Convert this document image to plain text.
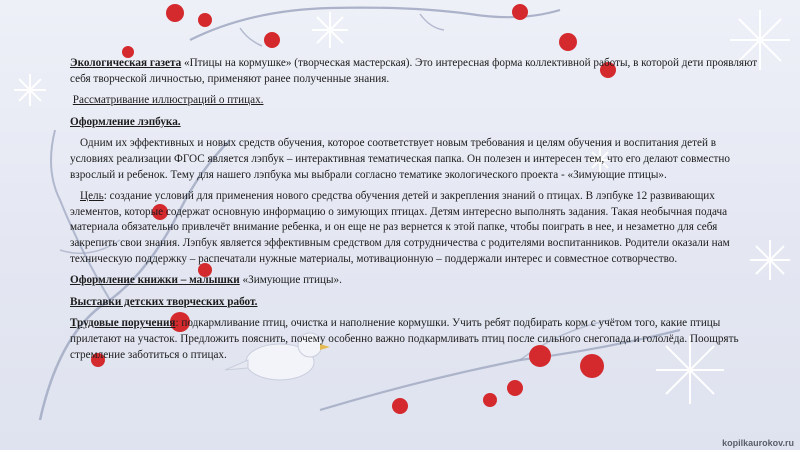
Экологическая газета «Птицы на кормушке» (творческая мастерская). Это интересная форма коллективной работы, в которой дети проявляют себя творческой личностью, применяют ранее полученные знания.

Рассматривание иллюстраций о птицах.

Оформление лэпбука.

Одним их эффективных и новых средств обучения, которое соответствует новым требования и целям обучения и воспитания детей в условиях реализации ФГОС является лэпбук – интерактивная тематическая папка. Он полезен и интересен тем, что его делают совместно взрослый и ребенок. Тему для нашего лэпбука мы выбрали согласно тематике экологического проекта - «Зимующие птицы».

Цель: создание условий для применения нового средства обучения детей и закрепления знаний о птицах. В лэпбуке 12 развивающих элементов, которые содержат основную информацию о зимующих птицах. Детям интересно выполнять задания. Такая необычная подача материала обязательно привлечёт внимание ребенка, и он еще не раз вернется к этой папке, чтобы поиграть в нее, и незаметно для себя закрепить свои знания. Лэпбук является эффективным средством для сотрудничества с родителями воспитанников. Родители оказали нам техническую поддержку – распечатали нужные материалы, мотивационную – поддержали интерес и совместное сотворчество.

Оформление книжки – малышки «Зимующие птицы».

Выставки детских творческих работ.

Трудовые поручения: подкармливание птиц, очистка и наполнение кормушки. Учить ребят подбирать корм с учётом того, какие птицы прилетают на участок. Предложить пояснить, почему особенно важно подкармливать птиц после сильного снегопада и гололёда. Поощрять стремление заботиться о птицах.

kopilkaurokov.ru
